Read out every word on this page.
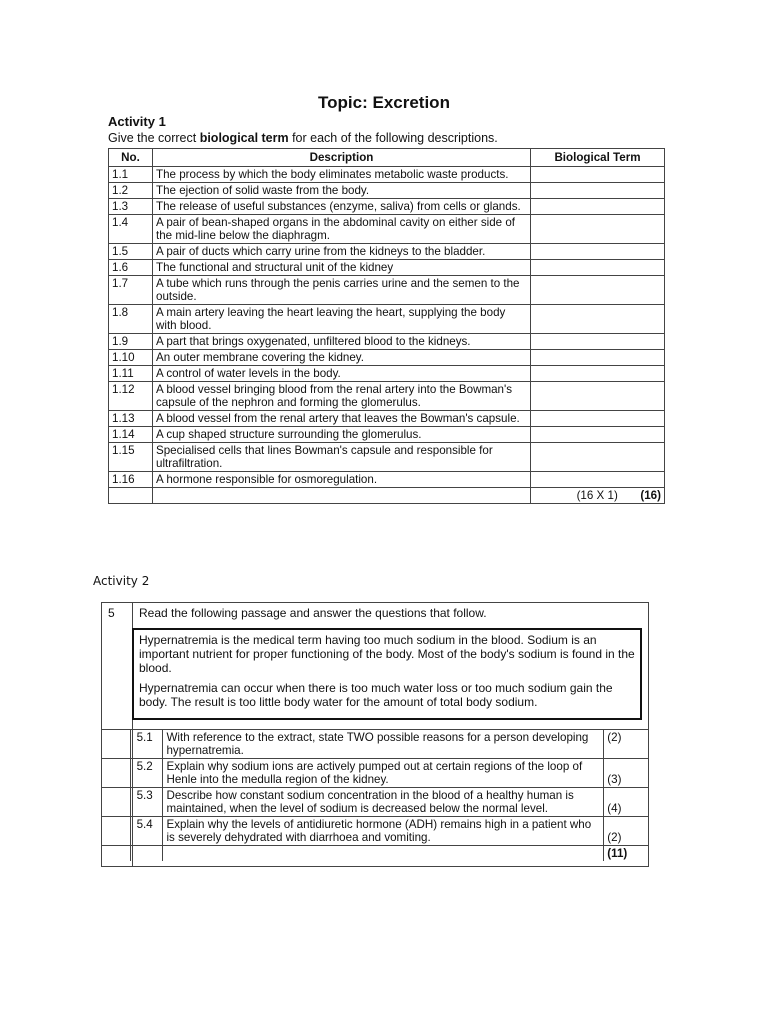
Topic: Excretion
Activity 1
Give the correct biological term for each of the following descriptions.
No.	Description	Biological Term
1.1	The process by which the body eliminates metabolic waste products.	
1.2	The ejection of solid waste from the body.	
1.3	The release of useful substances (enzyme, saliva) from cells or glands.	
1.4	A pair of bean-shaped organs in the abdominal cavity on either side of the mid-line below the diaphragm.	
1.5	A pair of ducts which carry urine from the kidneys to the bladder.	
1.6	The functional and structural unit of the kidney	
1.7	A tube which runs through the penis carries urine and the semen to the outside.	
1.8	A main artery leaving the heart leaving the heart, supplying the body with blood.	
1.9	A part that brings oxygenated, unfiltered blood to the kidneys.	
1.10	An outer membrane covering the kidney.	
1.11	A control of water levels in the body.	
1.12	A blood vessel bringing blood from the renal artery into the Bowman's capsule of the nephron and forming the glomerulus.	
1.13	A blood vessel from the renal artery that leaves the Bowman's capsule.	
1.14	A cup shaped structure surrounding the glomerulus.	
1.15	Specialised cells that lines Bowman's capsule and responsible for ultrafiltration.	
1.16	A hormone responsible for osmoregulation.	
		(16 X 1) (16)
Activity 2
5 Read the following passage and answer the questions that follow.

Hypernatremia is the medical term having too much sodium in the blood. Sodium is an important nutrient for proper functioning of the body. Most of the body's sodium is found in the blood.

Hypernatremia can occur when there is too much water loss or too much sodium gain the body. The result is too little body water for the amount of total body sodium.

	5.1	With reference to the extract, state TWO possible reasons for a person developing hypernatremia.	(2)
	5.2	Explain why sodium ions are actively pumped out at certain regions of the loop of Henle into the medulla region of the kidney.	(3)
	5.3	Describe how constant sodium concentration in the blood of a healthy human is maintained, when the level of sodium is decreased below the normal level.	(4)
	5.4	Explain why the levels of antidiuretic hormone (ADH) remains high in a patient who is severely dehydrated with diarrhoea and vomiting.	(2)
			(11)
